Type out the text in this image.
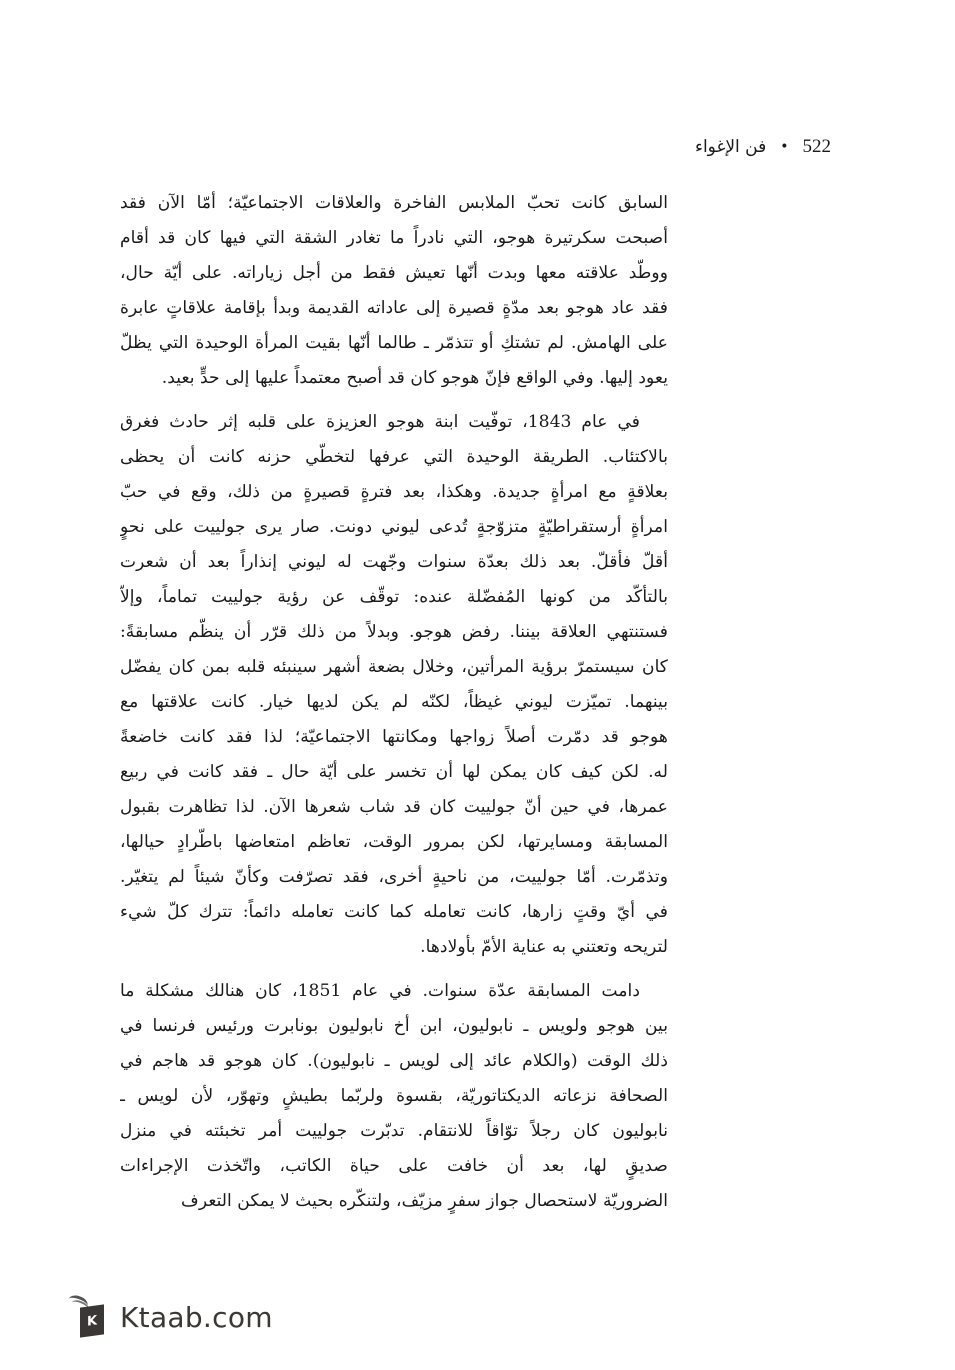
522
•
فن الإغواء

السابق كانت تحبّ الملابس الفاخرة والعلاقات الاجتماعيّة؛ أمّا الآن فقد
أصبحت سكرتيرة هوجو، التي نادراً ما تغادر الشقة التي فيها كان قد أقام
ووطّد علاقته معها وبدت أنّها تعيش فقط من أجل زياراته. على أيّة حال،
فقد عاد هوجو بعد مدّةٍ قصيرة إلى عاداته القديمة وبدأ بإقامة علاقاتٍ عابرة
على الهامش. لم تشتكِ أو تتذمّر ـ طالما أنّها بقيت المرأة الوحيدة التي يظلّ
يعود إليها. وفي الواقع فإنّ هوجو كان قد أصبح معتمداً عليها إلى حدٍّ بعيد.

في عام 1843، توفّيت ابنة هوجو العزيزة على قلبه إثر حادث فغرق
بالاكتئاب. الطريقة الوحيدة التي عرفها لتخطّي حزنه كانت أن يحظى
بعلاقةٍ مع امرأةٍ جديدة. وهكذا، بعد فترةٍ قصيرةٍ من ذلك، وقع في حبّ
امرأةٍ أرستقراطيّةٍ متزوّجةٍ تُدعى ليوني دونت. صار يرى جولييت على نحوٍ
أقلّ فأقلّ. بعد ذلك بعدّة سنوات وجّهت له ليوني إنذاراً بعد أن شعرت
بالتأكّد من كونها المُفضّلة عنده: توقّف عن رؤية جولييت تماماً، وإلاّ
فستنتهي العلاقة بيننا. رفض هوجو. وبدلاً من ذلك قرّر أن ينظّم مسابقةً:
كان سيستمرّ برؤية المرأتين، وخلال بضعة أشهر سينبئه قلبه بمن كان يفضّل
بينهما. تميّزت ليوني غيظاً، لكنّه لم يكن لديها خيار. كانت علاقتها مع
هوجو قد دمّرت أصلاً زواجها ومكانتها الاجتماعيّة؛ لذا فقد كانت خاضعةً
له. لكن كيف كان يمكن لها أن تخسر على أيّة حال ـ فقد كانت في ربيع
عمرها، في حين أنّ جولييت كان قد شاب شعرها الآن. لذا تظاهرت بقبول
المسابقة ومسايرتها، لكن بمرور الوقت، تعاظم امتعاضها باطّرادٍ حيالها،
وتذمّرت. أمّا جولييت، من ناحيةٍ أخرى، فقد تصرّفت وكأنّ شيئاً لم يتغيّر.
في أيّ وقتٍ زارها، كانت تعامله كما كانت تعامله دائماً: تترك كلّ شيء
لتريحه وتعتني به عناية الأمّ بأولادها.

دامت المسابقة عدّة سنوات. في عام 1851، كان هنالك مشكلة ما
بين هوجو ولويس ـ نابوليون، ابن أخ نابوليون بونابرت ورئيس فرنسا في
ذلك الوقت (والكلام عائد إلى لويس ـ نابوليون). كان هوجو قد هاجم في
الصحافة نزعاته الديكتاتوريّة، بقسوة ولربّما بطيشٍ وتهوّر، لأن لويس ـ
نابوليون كان رجلاً توّاقاً للانتقام. تدبّرت جولييت أمر تخبئته في منزل
صديقٍ لها، بعد أن خافت على حياة الكاتب، واتّخذت الإجراءات
الضروريّة لاستحصال جواز سفرٍ مزيّف، ولتنكّره بحيث لا يمكن التعرف

K Ktaab.com
